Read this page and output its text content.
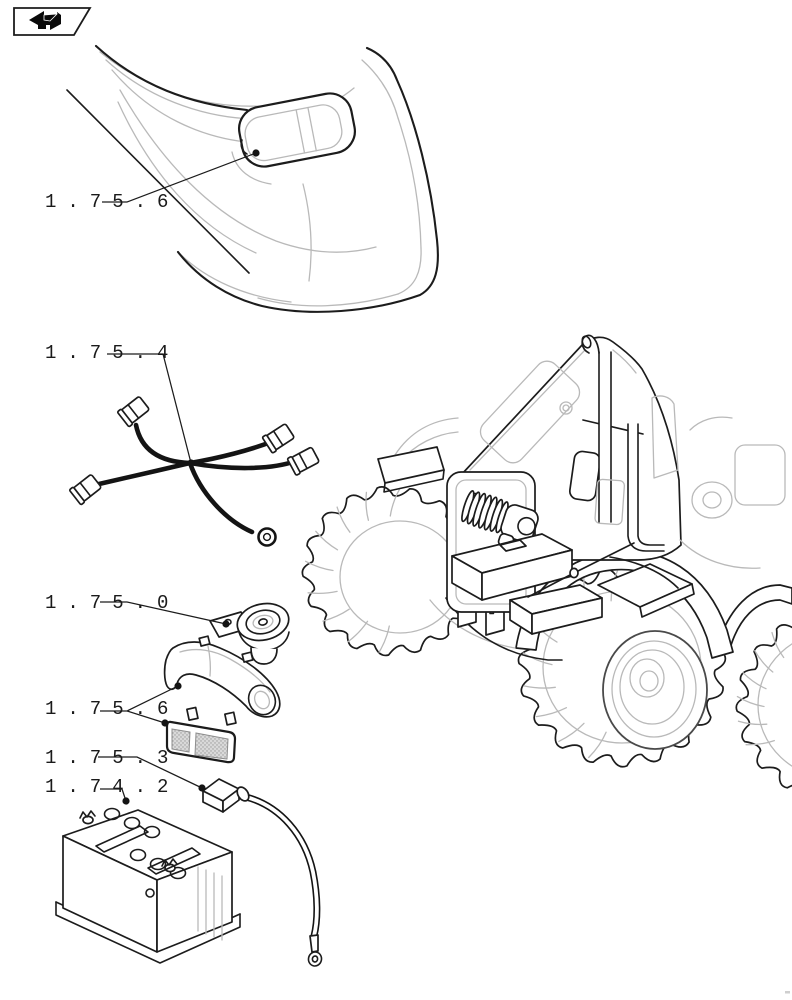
1.75.6
1.75.4
1.75.0
1.75.6
1.75.3
1.74.2
